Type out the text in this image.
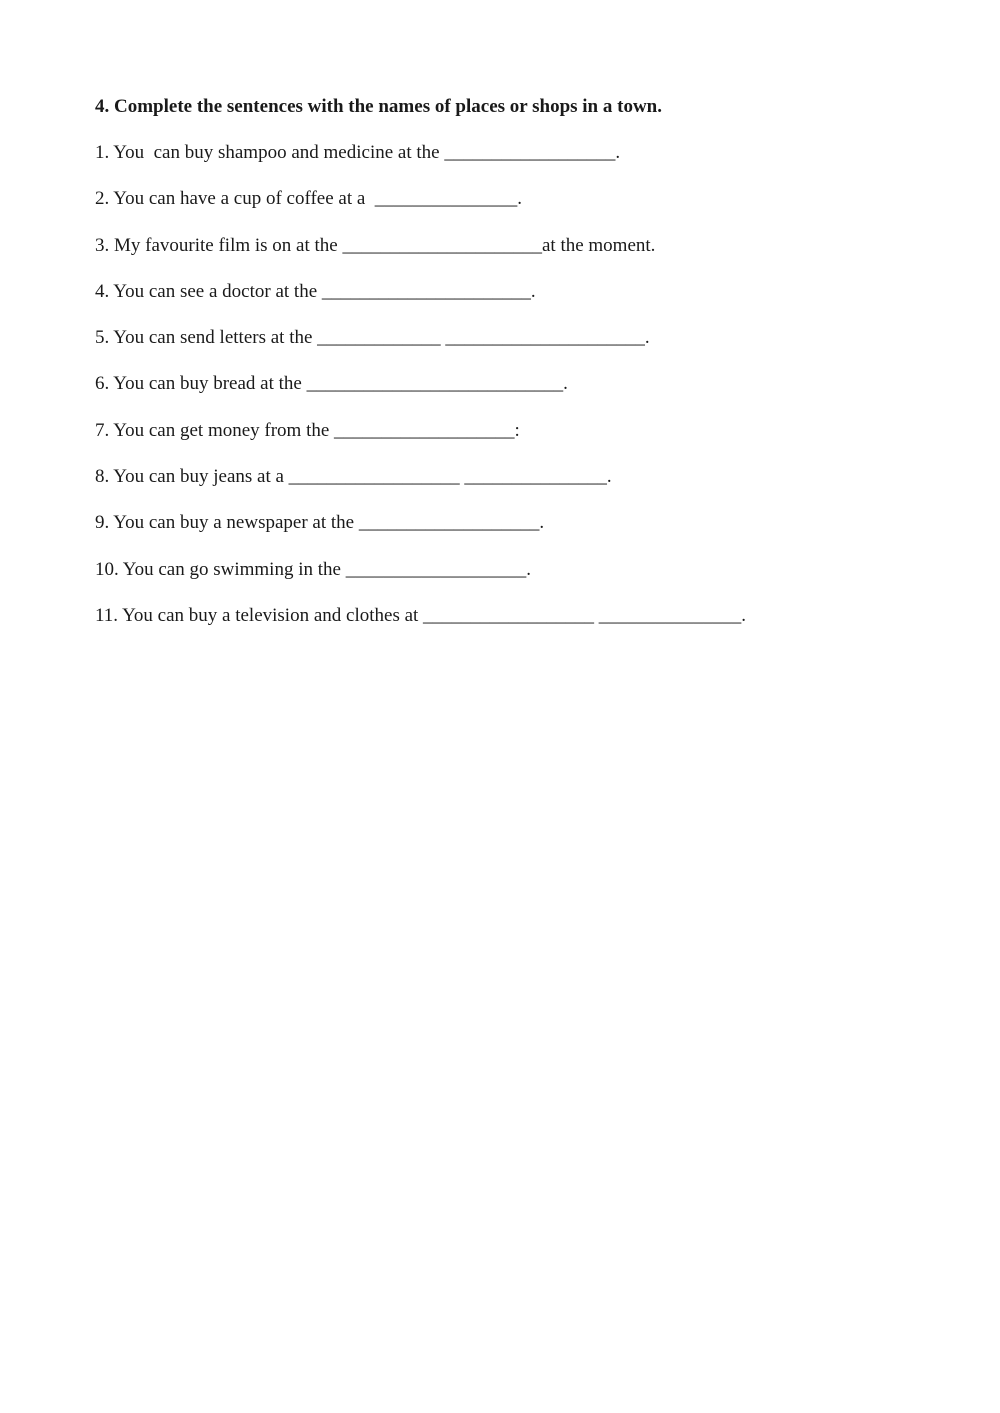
4. Complete the sentences with the names of places or shops in a town.
1. You  can buy shampoo and medicine at the __________________.
2. You can have a cup of coffee at a  _______________.
3. My favourite film is on at the _____________________at the moment.
4. You can see a doctor at the ______________________.
5. You can send letters at the _____________ _____________________.
6. You can buy bread at the ___________________________.
7. You can get money from the ___________________:
8. You can buy jeans at a __________________ _______________.
9. You can buy a newspaper at the ___________________.
10. You can go swimming in the ___________________.
11. You can buy a television and clothes at __________________ _______________.
